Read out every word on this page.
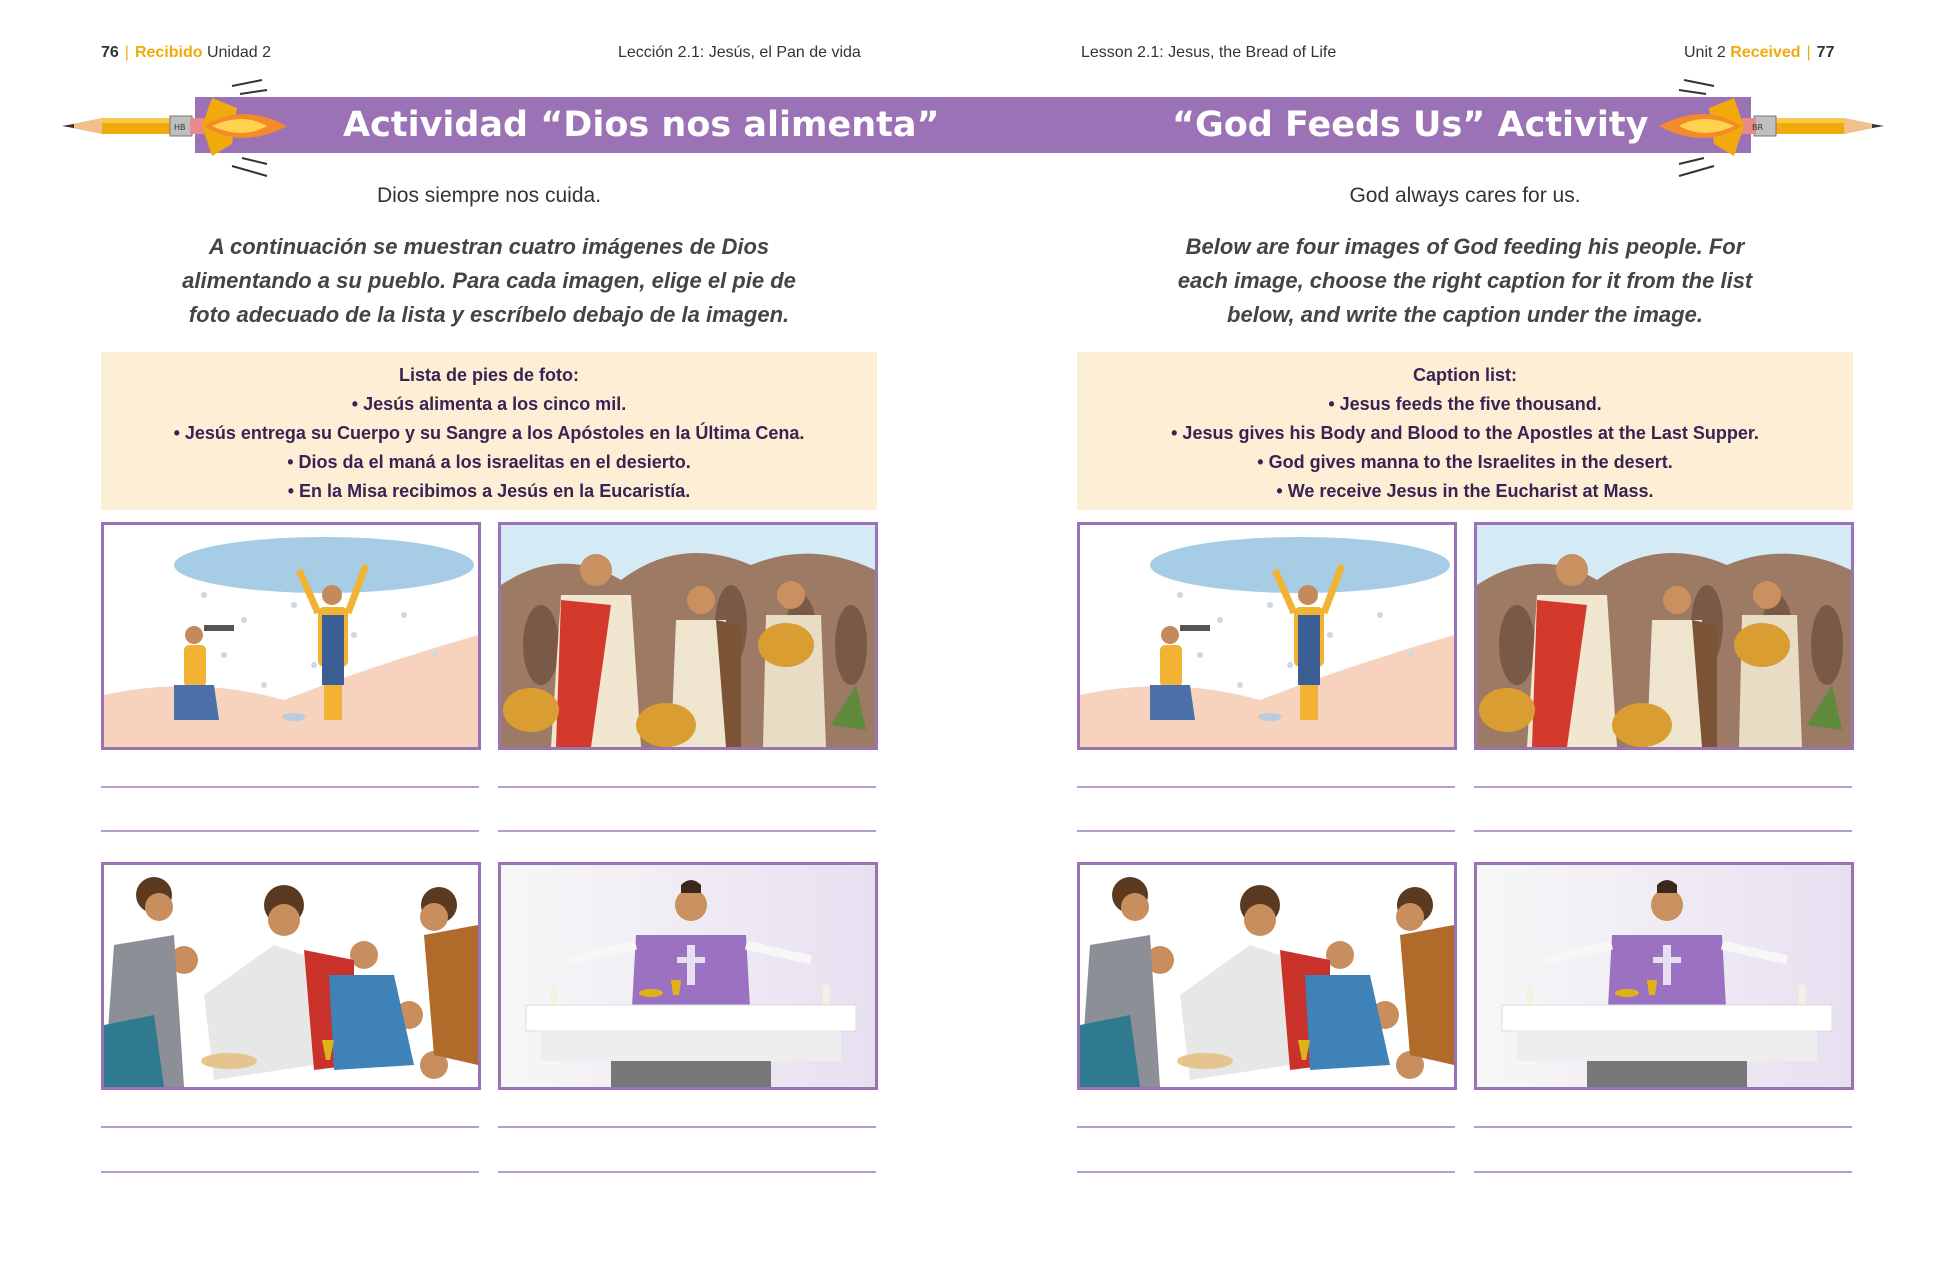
76 | Recibido Unidad 2	Lección 2.1: Jesús, el Pan de vida	Lesson 2.1: Jesus, the Bread of Life	Unit 2 Received | 77
Actividad “Dios nos alimenta”	“God Feeds Us” Activity
HB	BR
Dios siempre nos cuida.
A continuación se muestran cuatro imágenes de Dios
alimentando a su pueblo. Para cada imagen, elige el pie de
foto adecuado de la lista y escríbelo debajo de la imagen.
Lista de pies de foto:
• Jesús alimenta a los cinco mil.
• Jesús entrega su Cuerpo y su Sangre a los Apóstoles en la Última Cena.
• Dios da el maná a los israelitas en el desierto.
• En la Misa recibimos a Jesús en la Eucaristía.
God always cares for us.
Below are four images of God feeding his people. For
each image, choose the right caption for it from the list
below, and write the caption under the image.
Caption list:
• Jesus feeds the five thousand.
• Jesus gives his Body and Blood to the Apostles at the Last Supper.
• God gives manna to the Israelites in the desert.
• We receive Jesus in the Eucharist at Mass.
